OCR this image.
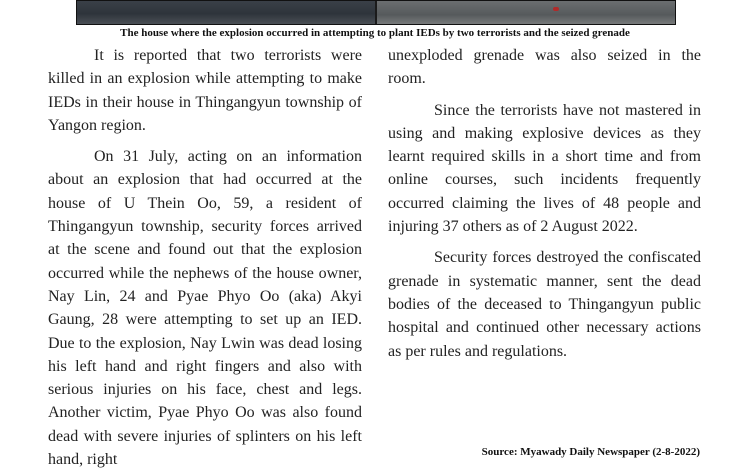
The house where the explosion occurred in attempting to plant IEDs by two terrorists and the seized grenade

It is reported that two terrorists were killed in an explosion while attempting to make IEDs in their house in Thingangyun township of Yangon region.

On 31 July, acting on an information about an explosion that had occurred at the house of U Thein Oo, 59, a resident of Thingangyun township, security forces arrived at the scene and found out that the explosion occurred while the nephews of the house owner, Nay Lin, 24 and Pyae Phyo Oo (aka) Akyi Gaung, 28 were attempting to set up an IED. Due to the explosion, Nay Lwin was dead losing his left hand and right fingers and also with serious injuries on his face, chest and legs. Another victim, Pyae Phyo Oo was also found dead with severe injuries of splinters on his left hand, right

unexploded grenade was also seized in the room.

Since the terrorists have not mastered in using and making explosive devices as they learnt required skills in a short time and from online courses, such incidents frequently occurred claiming the lives of 48 people and injuring 37 others as of 2 August 2022.

Security forces destroyed the confiscated grenade in systematic manner, sent the dead bodies of the deceased to Thingangyun public hospital and continued other necessary actions as per rules and regulations.

Source: Myawady Daily Newspaper (2-8-2022)
